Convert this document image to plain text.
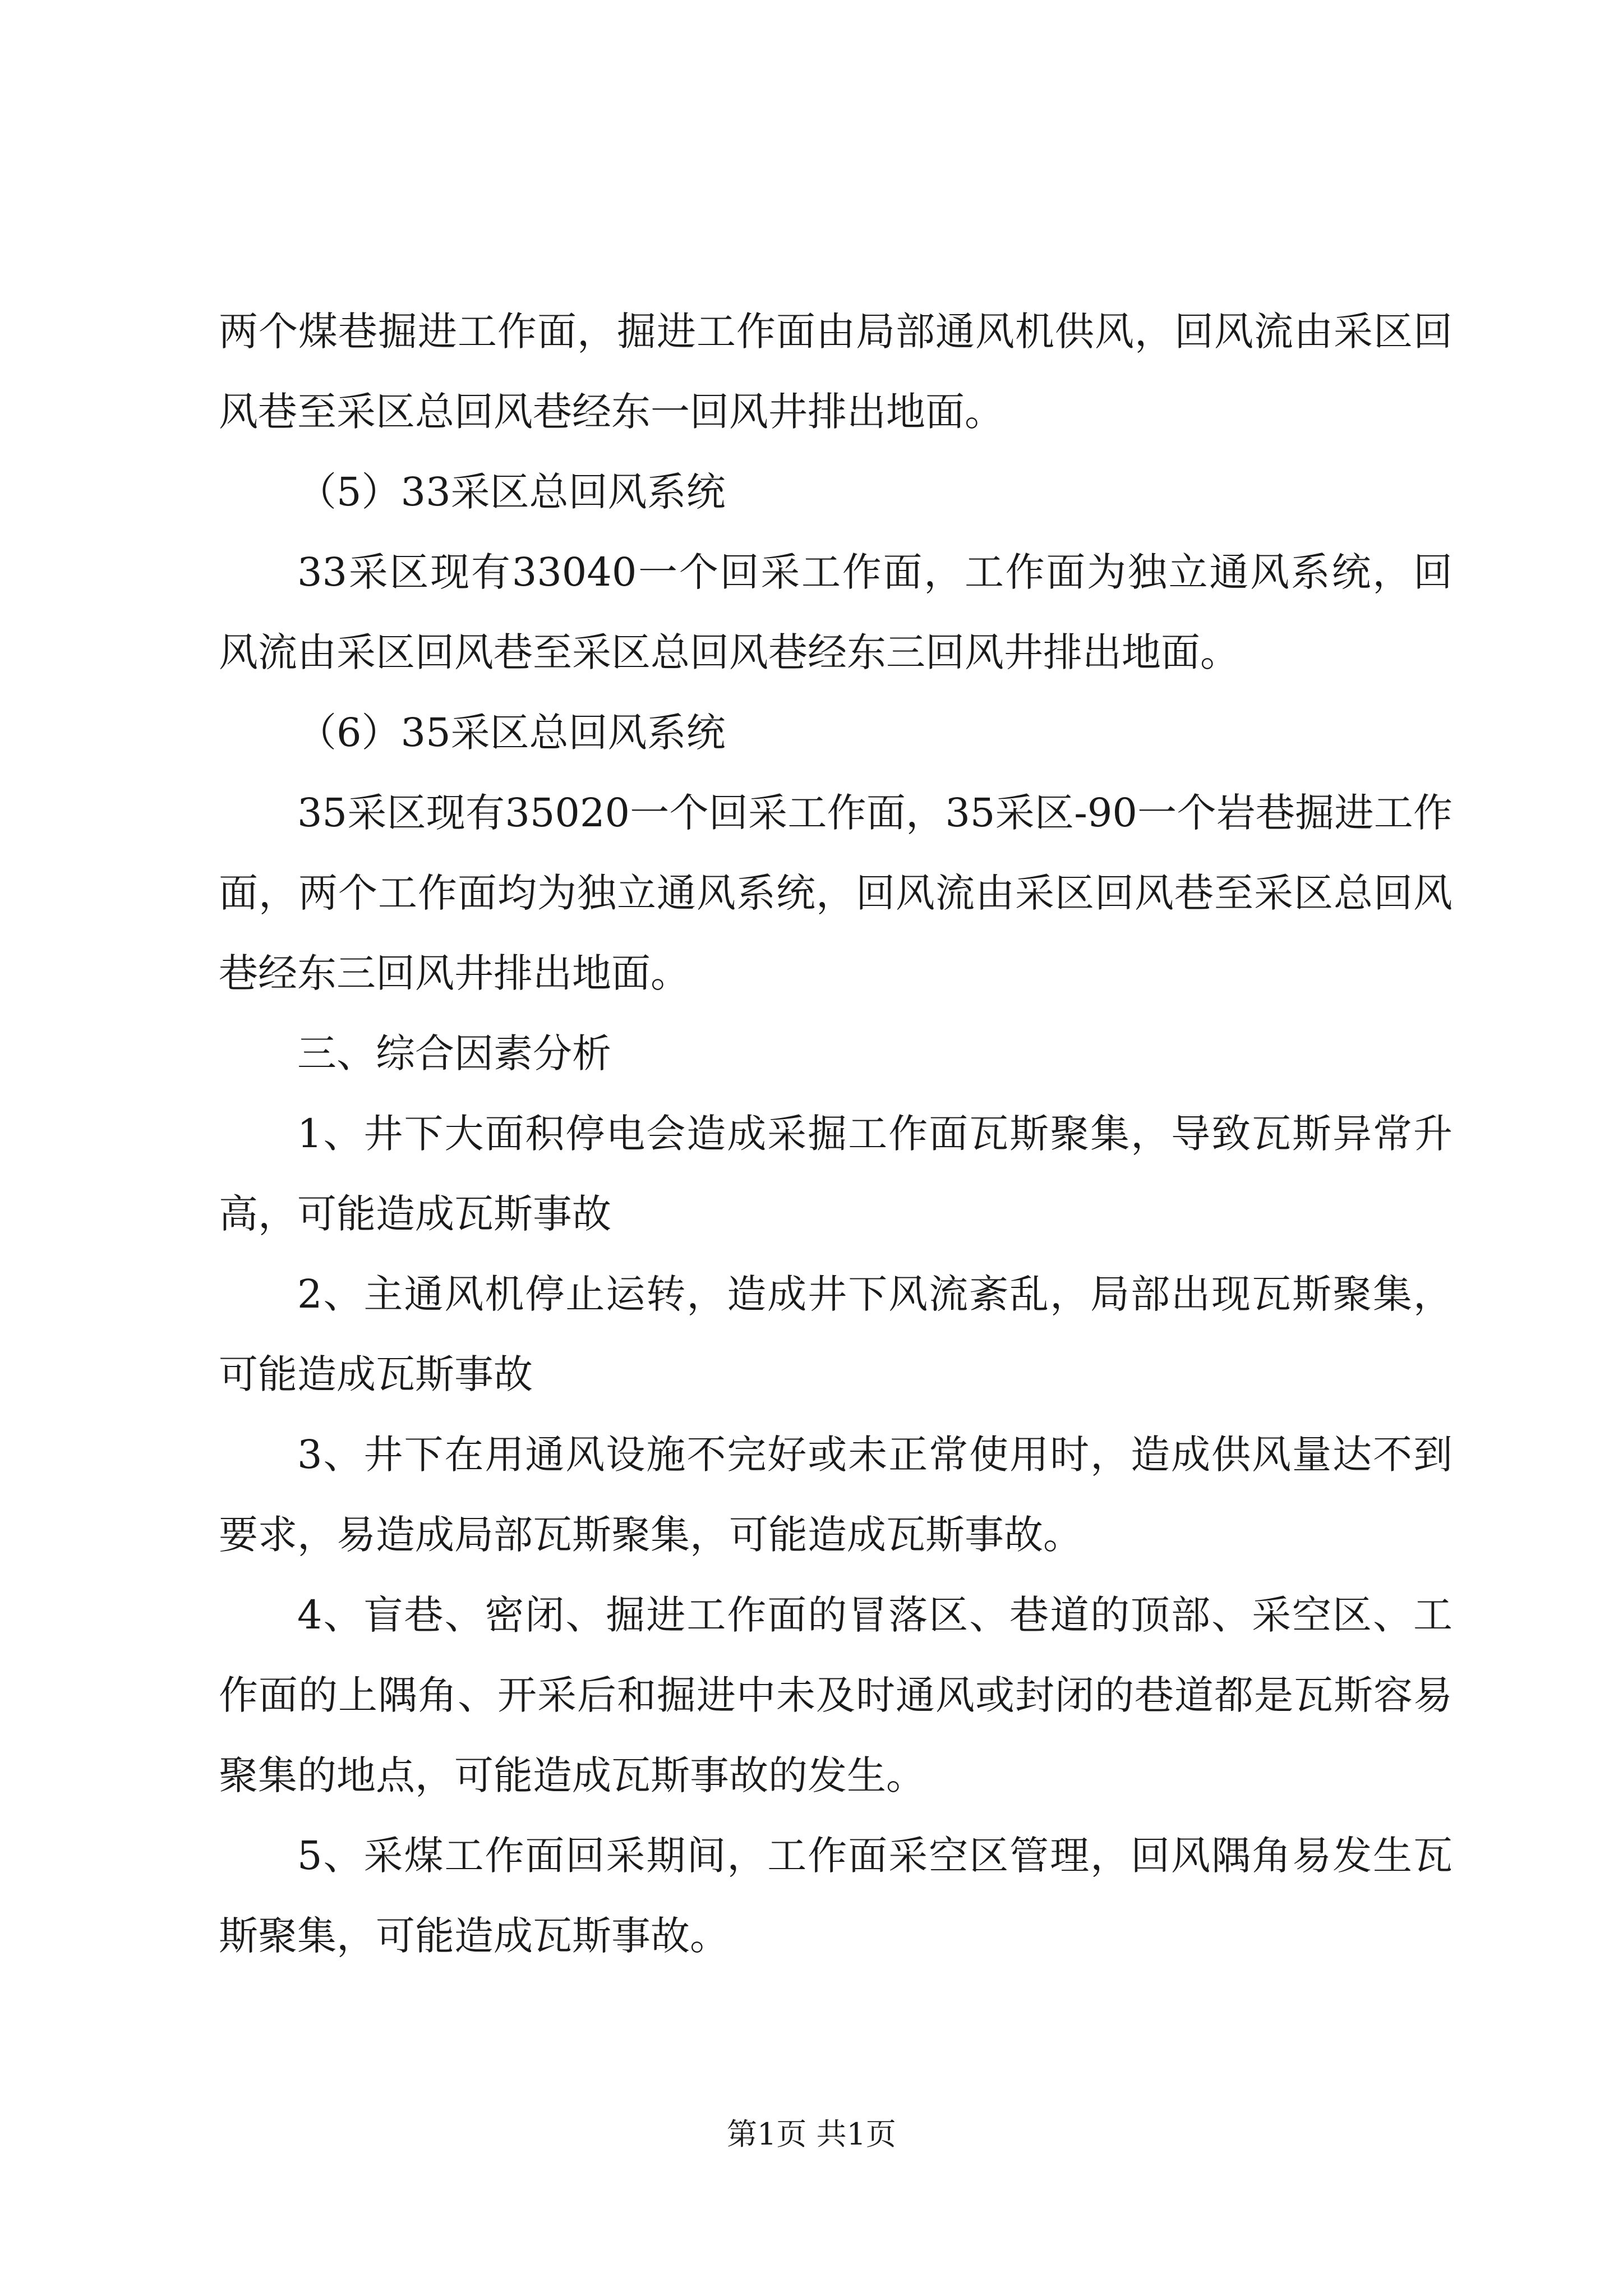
两个煤巷掘进工作面，掘进工作面由局部通风机供风，回风流由采区回风巷至采区总回风巷经东一回风井排出地面。

（5）33采区总回风系统

33采区现有33040一个回采工作面，工作面为独立通风系统，回风流由采区回风巷至采区总回风巷经东三回风井排出地面。

（6）35采区总回风系统

35采区现有35020一个回采工作面，35采区-90一个岩巷掘进工作面，两个工作面均为独立通风系统，回风流由采区回风巷至采区总回风巷经东三回风井排出地面。

三、综合因素分析

1、井下大面积停电会造成采掘工作面瓦斯聚集，导致瓦斯异常升高，可能造成瓦斯事故

2、主通风机停止运转，造成井下风流紊乱，局部出现瓦斯聚集，可能造成瓦斯事故

3、井下在用通风设施不完好或未正常使用时，造成供风量达不到要求，易造成局部瓦斯聚集，可能造成瓦斯事故。

4、盲巷、密闭、掘进工作面的冒落区、巷道的顶部、采空区、工作面的上隅角、开采后和掘进中未及时通风或封闭的巷道都是瓦斯容易聚集的地点，可能造成瓦斯事故的发生。

5、采煤工作面回采期间，工作面采空区管理，回风隅角易发生瓦斯聚集，可能造成瓦斯事故。

第1页 共1页
